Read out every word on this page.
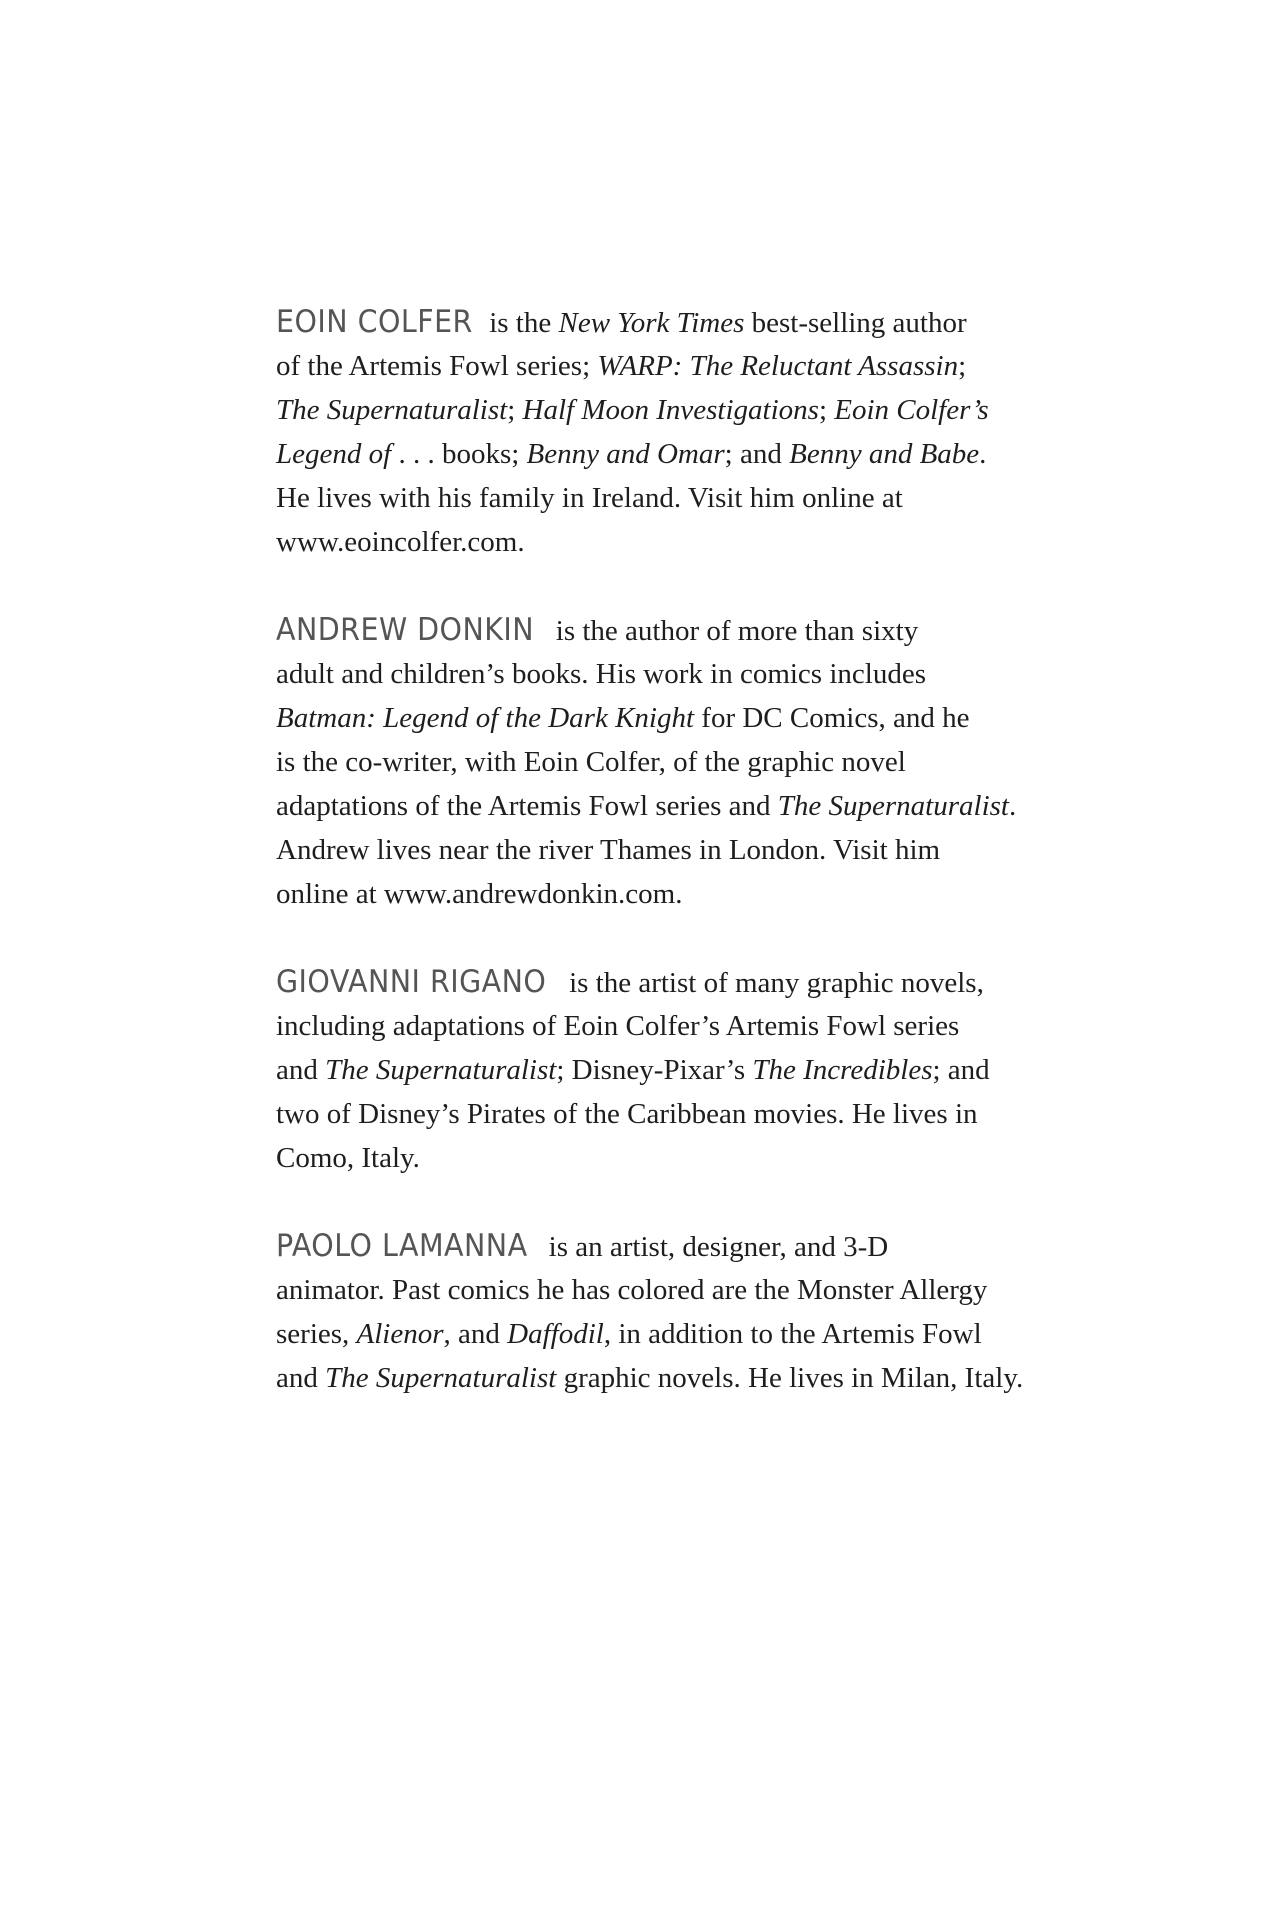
EOIN COLFER is the New York Times best-selling author
of the Artemis Fowl series; WARP: The Reluctant Assassin;
The Supernaturalist; Half Moon Investigations; Eoin Colfer’s
Legend of . . . books; Benny and Omar; and Benny and Babe.
He lives with his family in Ireland. Visit him online at
www.eoincolfer.com.
ANDREW DONKIN is the author of more than sixty
adult and children’s books. His work in comics includes
Batman: Legend of the Dark Knight for DC Comics, and he
is the co-writer, with Eoin Colfer, of the graphic novel
adaptations of the Artemis Fowl series and The Supernaturalist.
Andrew lives near the river Thames in London. Visit him
online at www.andrewdonkin.com.
GIOVANNI RIGANO is the artist of many graphic novels,
including adaptations of Eoin Colfer’s Artemis Fowl series
and The Supernaturalist; Disney-Pixar’s The Incredibles; and
two of Disney’s Pirates of the Caribbean movies. He lives in
Como, Italy.
PAOLO LAMANNA is an artist, designer, and 3-D
animator. Past comics he has colored are the Monster Allergy
series, Alienor, and Daffodil, in addition to the Artemis Fowl
and The Supernaturalist graphic novels. He lives in Milan, Italy.
